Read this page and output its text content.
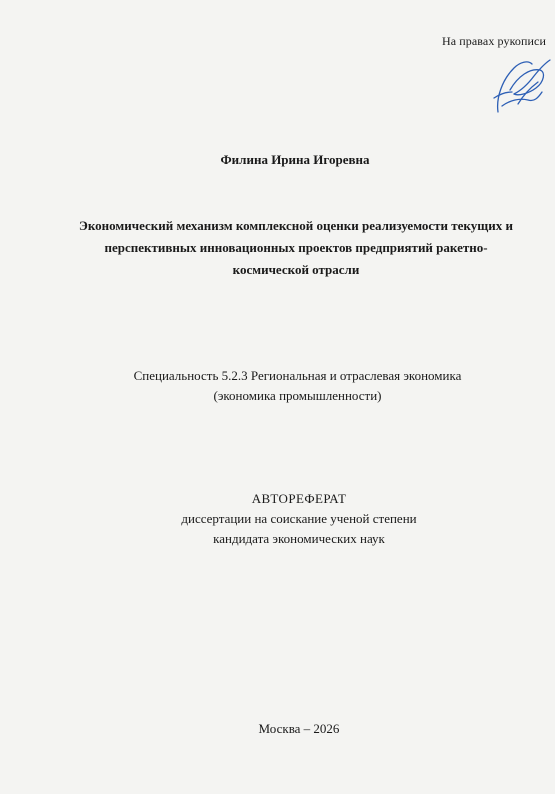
На правах рукописи
Филина Ирина Игоревна
Экономический механизм комплексной оценки реализуемости текущих и
перспективных инновационных проектов предприятий ракетно-
космической отрасли
Специальность 5.2.3 Региональная и отраслевая экономика
(экономика промышленности)
АВТОРЕФЕРАТ
диссертации на соискание ученой степени
кандидата экономических наук
Москва – 2026
